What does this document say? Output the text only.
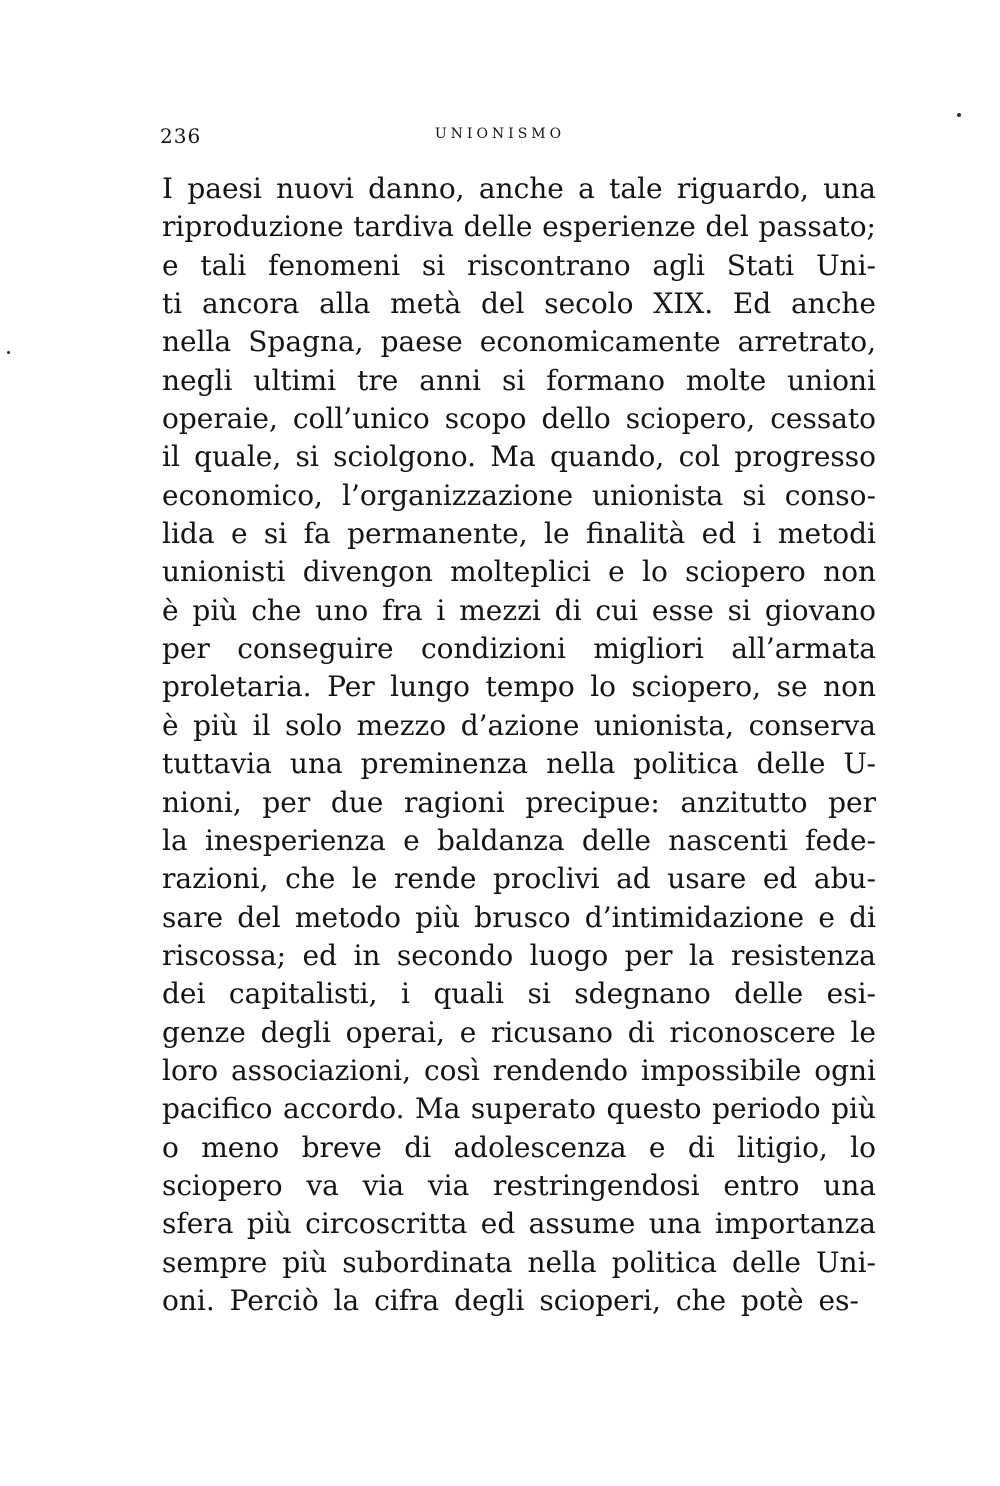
236	UNIONISMO
I paesi nuovi danno, anche a tale riguardo, una
riproduzione tardiva delle esperienze del passato;
e tali fenomeni si riscontrano agli Stati Uni-
ti ancora alla metà del secolo XIX. Ed anche
nella Spagna, paese economicamente arretrato,
negli ultimi tre anni si formano molte unioni
operaie, coll’unico scopo dello sciopero, cessato
il quale, si sciolgono. Ma quando, col progresso
economico, l’organizzazione unionista si conso-
lida e si fa permanente, le finalità ed i metodi
unionisti divengon molteplici e lo sciopero non
è più che uno fra i mezzi di cui esse si giovano
per conseguire condizioni migliori all’armata
proletaria. Per lungo tempo lo sciopero, se non
è più il solo mezzo d’azione unionista, conserva
tuttavia una preminenza nella politica delle U-
nioni, per due ragioni precipue: anzitutto per
la inesperienza e baldanza delle nascenti fede-
razioni, che le rende proclivi ad usare ed abu-
sare del metodo più brusco d’intimidazione e di
riscossa; ed in secondo luogo per la resistenza
dei capitalisti, i quali si sdegnano delle esi-
genze degli operai, e ricusano di riconoscere le
loro associazioni, così rendendo impossibile ogni
pacifico accordo. Ma superato questo periodo più
o meno breve di adolescenza e di litigio, lo
sciopero va via via restringendosi entro una
sfera più circoscritta ed assume una importanza
sempre più subordinata nella politica delle Uni-
oni. Perciò la cifra degli scioperi, che potè es-
